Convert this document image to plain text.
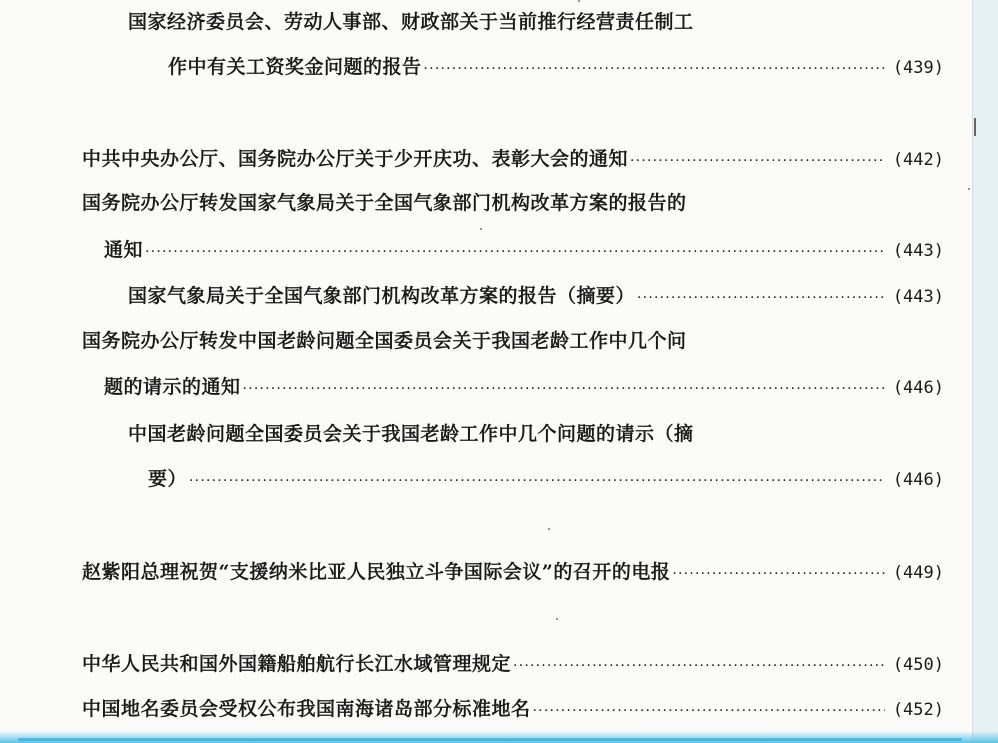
国家经济委员会、劳动人事部、财政部关于当前推行经营责任制工
作中有关工资奖金问题的报告 ·····	(439)
中共中央办公厅、国务院办公厅关于少开庆功、表彰大会的通知 ·····	(442)
国务院办公厅转发国家气象局关于全国气象部门机构改革方案的报告的
通知 ·····	(443)
国家气象局关于全国气象部门机构改革方案的报告（摘要） ·····	(443)
国务院办公厅转发中国老龄问题全国委员会关于我国老龄工作中几个问
题的请示的通知 ·····	(446)
中国老龄问题全国委员会关于我国老龄工作中几个问题的请示（摘
要） ·····	(446)
赵紫阳总理祝贺“支援纳米比亚人民独立斗争国际会议”的召开的电报 ·····	(449)
中华人民共和国外国籍船舶航行长江水域管理规定 ·····	(450)
中国地名委员会受权公布我国南海诸岛部分标准地名 ·····	(452)
